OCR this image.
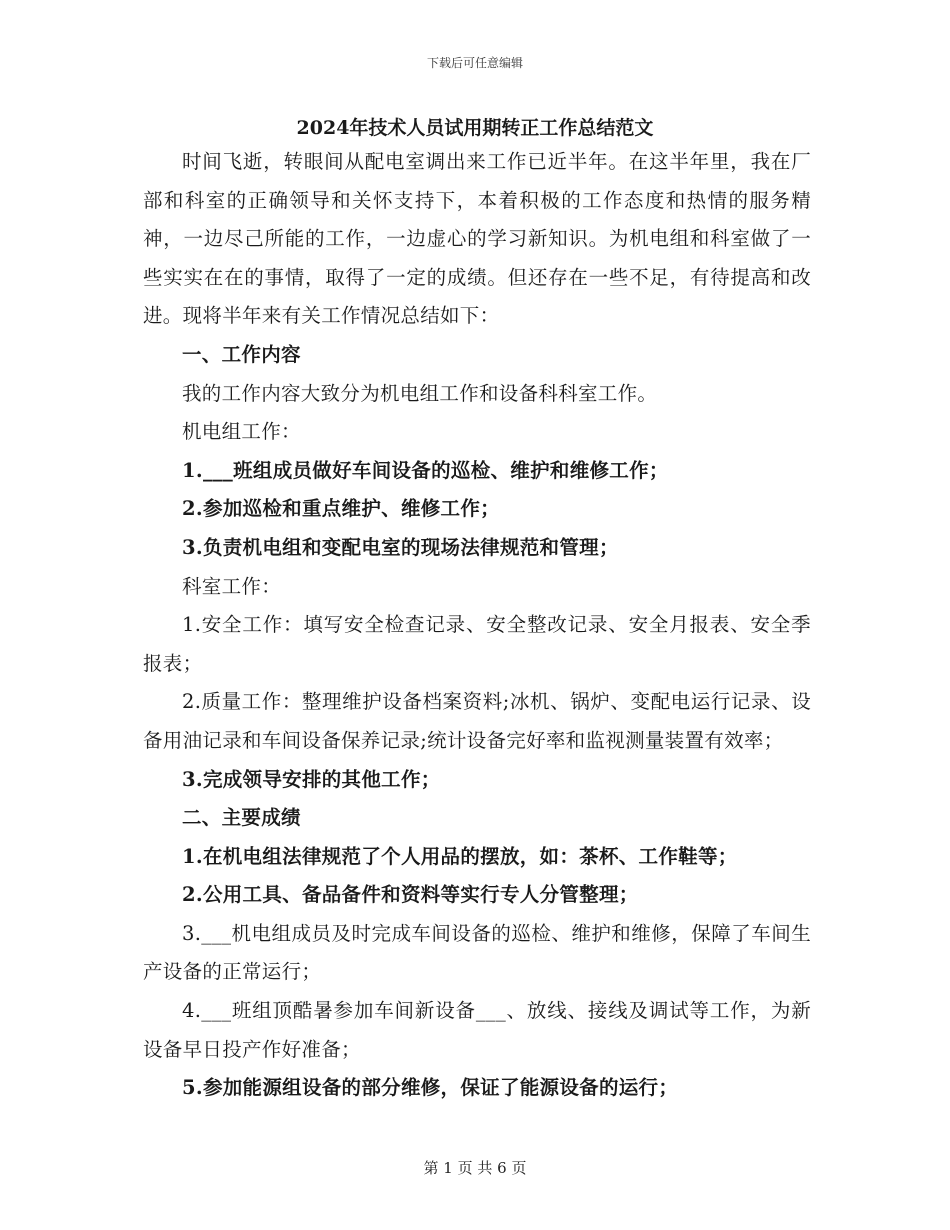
下载后可任意编辑
2024年技术人员试用期转正工作总结范文

时间飞逝，转眼间从配电室调出来工作已近半年。在这半年里，我在厂部和科室的正确领导和关怀支持下，本着积极的工作态度和热情的服务精神，一边尽己所能的工作，一边虚心的学习新知识。为机电组和科室做了一些实实在在的事情，取得了一定的成绩。但还存在一些不足，有待提高和改进。现将半年来有关工作情况总结如下：

一、工作内容

我的工作内容大致分为机电组工作和设备科科室工作。

机电组工作：

1.___班组成员做好车间设备的巡检、维护和维修工作；

2.参加巡检和重点维护、维修工作；

3.负责机电组和变配电室的现场法律规范和管理；

科室工作：

1.安全工作：填写安全检查记录、安全整改记录、安全月报表、安全季报表；

2.质量工作：整理维护设备档案资料;冰机、锅炉、变配电运行记录、设备用油记录和车间设备保养记录;统计设备完好率和监视测量装置有效率；

3.完成领导安排的其他工作；

二、主要成绩

1.在机电组法律规范了个人用品的摆放，如：茶杯、工作鞋等；

2.公用工具、备品备件和资料等实行专人分管整理；

3.___机电组成员及时完成车间设备的巡检、维护和维修，保障了车间生产设备的正常运行；

4.___班组顶酷暑参加车间新设备___、放线、接线及调试等工作，为新设备早日投产作好准备；

5.参加能源组设备的部分维修，保证了能源设备的运行；

第 1 页 共 6 页
